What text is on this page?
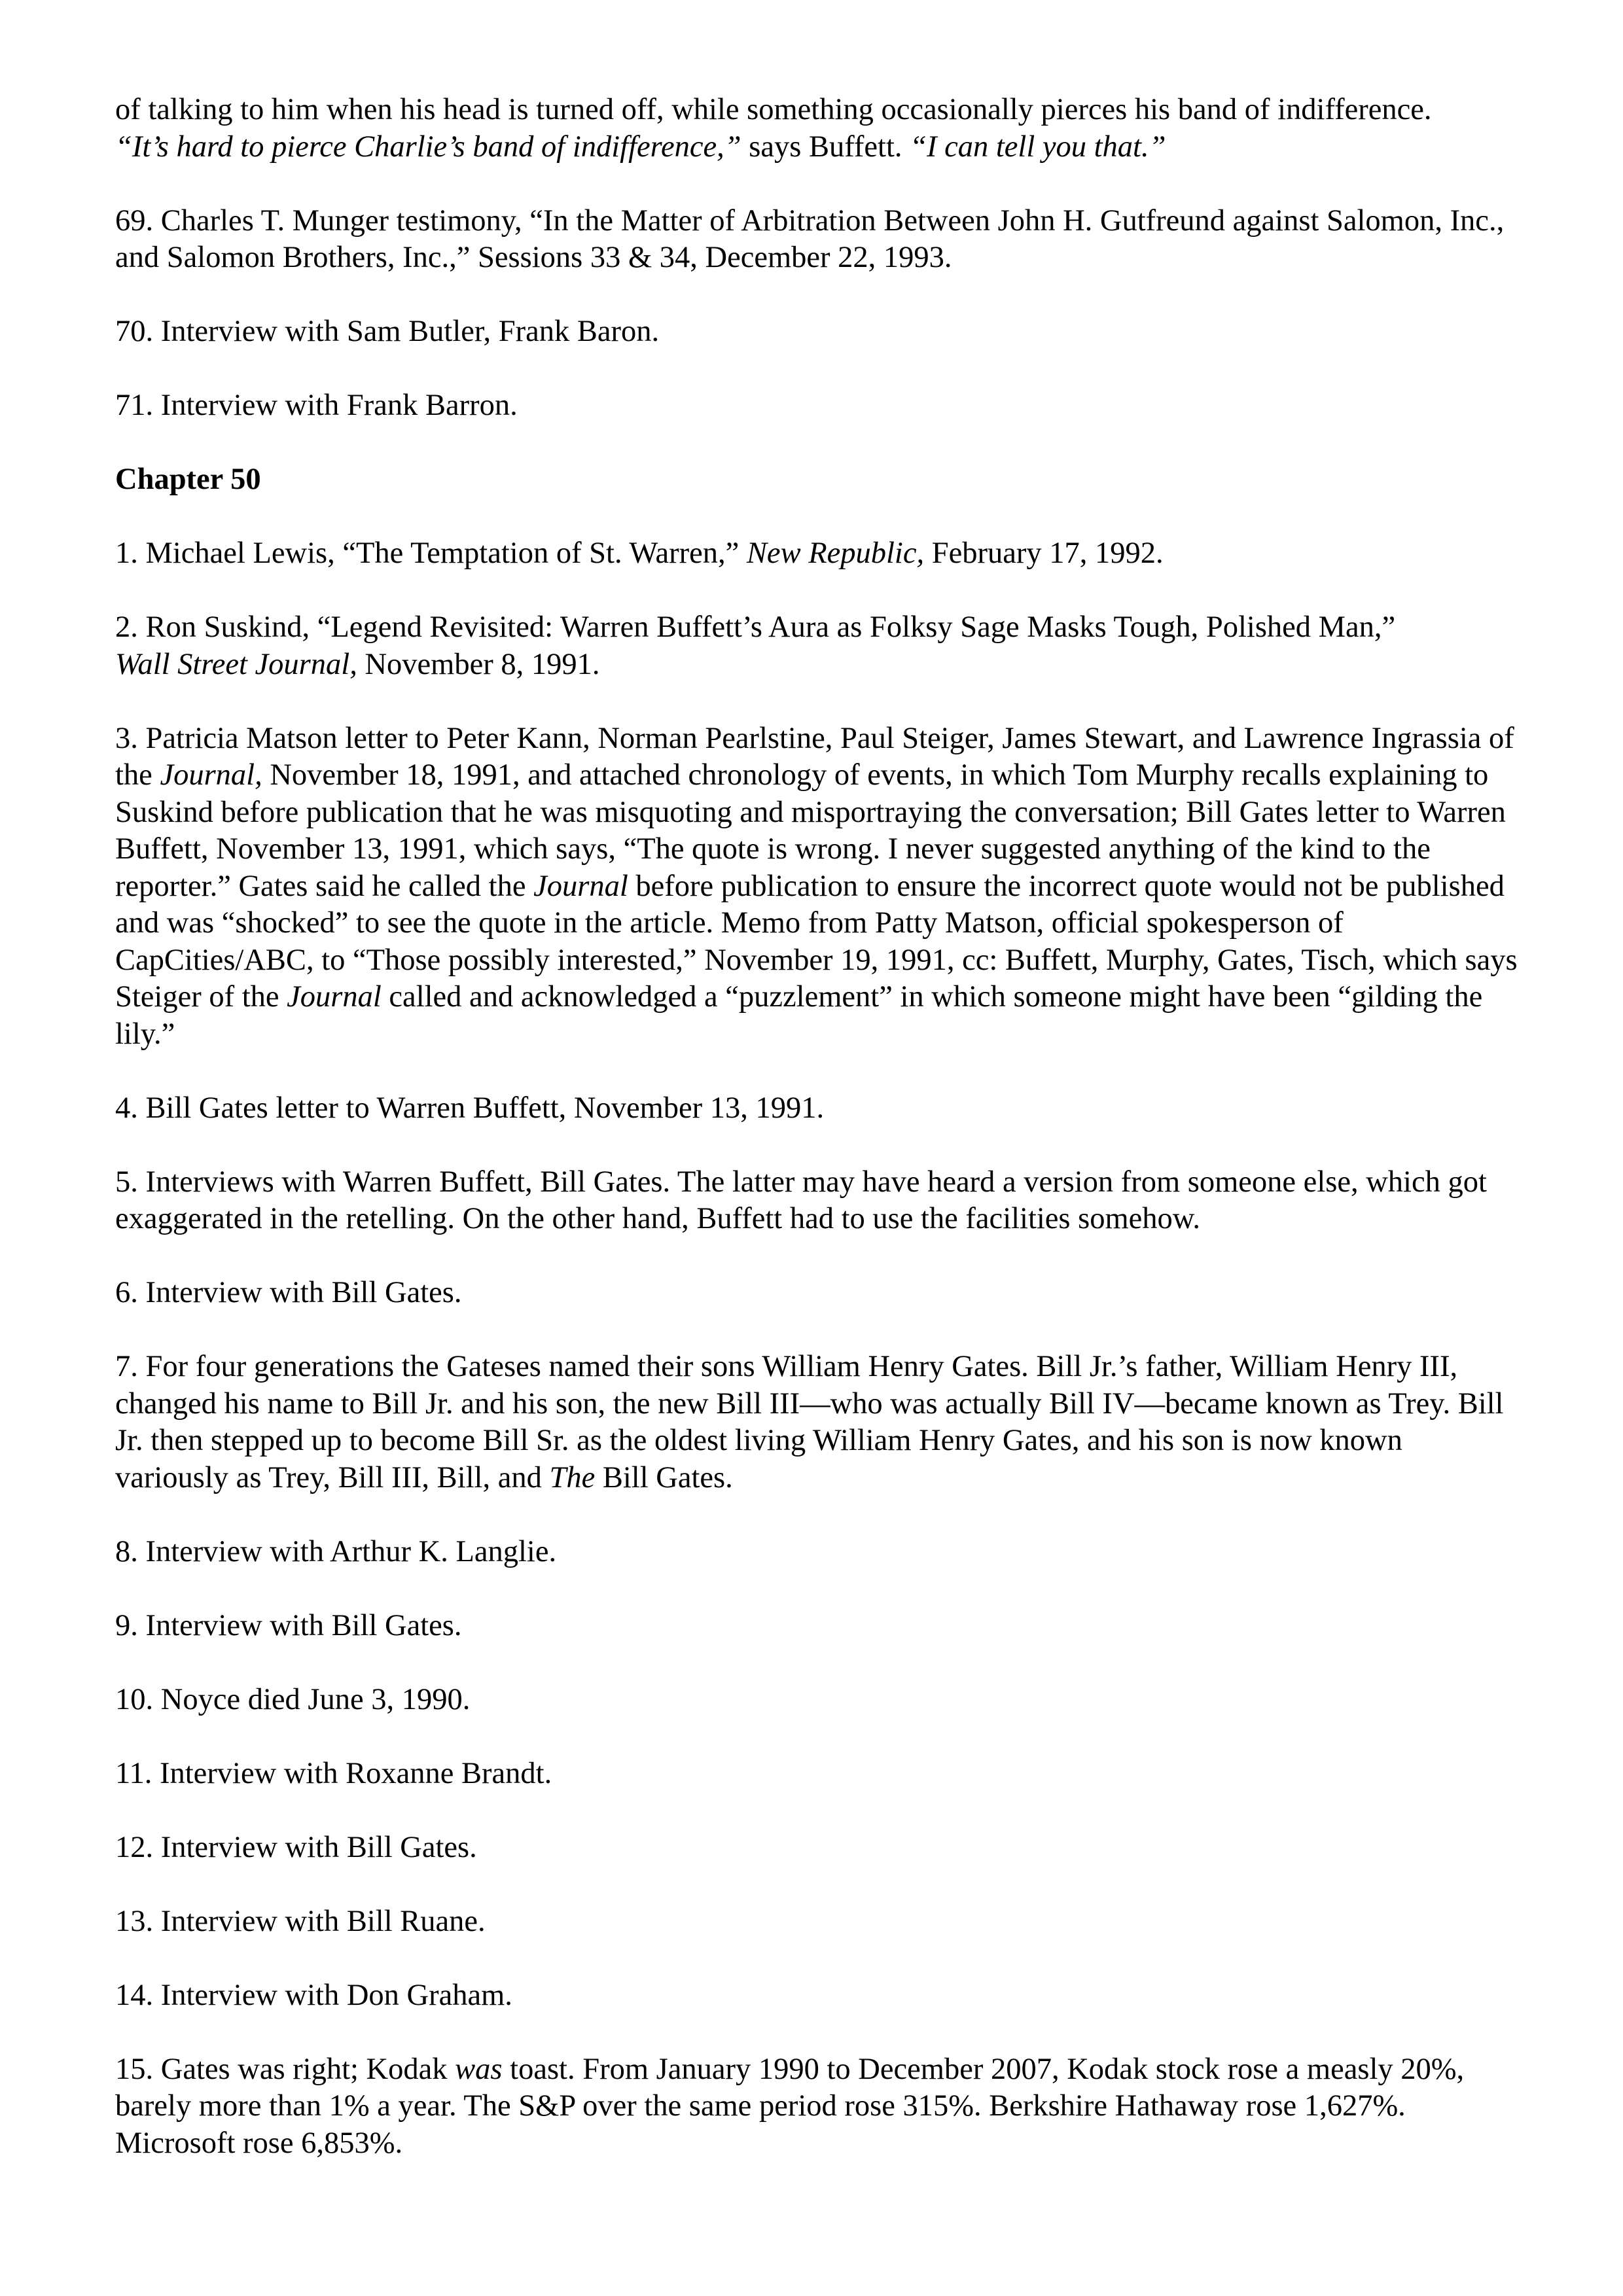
of talking to him when his head is turned off, while something occasionally pierces his band of indifference.
“It’s hard to pierce Charlie’s band of indifference,” says Buffett. “I can tell you that.”

69. Charles T. Munger testimony, “In the Matter of Arbitration Between John H. Gutfreund against Salomon, Inc., and Salomon Brothers, Inc.,” Sessions 33 & 34, December 22, 1993.

70. Interview with Sam Butler, Frank Baron.

71. Interview with Frank Barron.

Chapter 50

1. Michael Lewis, “The Temptation of St. Warren,” New Republic, February 17, 1992.

2. Ron Suskind, “Legend Revisited: Warren Buffett’s Aura as Folksy Sage Masks Tough, Polished Man,”
Wall Street Journal, November 8, 1991.

3. Patricia Matson letter to Peter Kann, Norman Pearlstine, Paul Steiger, James Stewart, and Lawrence Ingrassia of the Journal, November 18, 1991, and attached chronology of events, in which Tom Murphy recalls explaining to Suskind before publication that he was misquoting and misportraying the conversation; Bill Gates letter to Warren Buffett, November 13, 1991, which says, “The quote is wrong. I never suggested anything of the kind to the reporter.” Gates said he called the Journal before publication to ensure the incorrect quote would not be published and was “shocked” to see the quote in the article. Memo from Patty Matson, official spokesperson of CapCities/ABC, to “Those possibly interested,” November 19, 1991, cc: Buffett, Murphy, Gates, Tisch, which says Steiger of the Journal called and acknowledged a “puzzlement” in which someone might have been “gilding the lily.”

4. Bill Gates letter to Warren Buffett, November 13, 1991.

5. Interviews with Warren Buffett, Bill Gates. The latter may have heard a version from someone else, which got exaggerated in the retelling. On the other hand, Buffett had to use the facilities somehow.

6. Interview with Bill Gates.

7. For four generations the Gateses named their sons William Henry Gates. Bill Jr.’s father, William Henry III, changed his name to Bill Jr. and his son, the new Bill III—who was actually Bill IV—became known as Trey. Bill Jr. then stepped up to become Bill Sr. as the oldest living William Henry Gates, and his son is now known variously as Trey, Bill III, Bill, and The Bill Gates.

8. Interview with Arthur K. Langlie.

9. Interview with Bill Gates.

10. Noyce died June 3, 1990.

11. Interview with Roxanne Brandt.

12. Interview with Bill Gates.

13. Interview with Bill Ruane.

14. Interview with Don Graham.

15. Gates was right; Kodak was toast. From January 1990 to December 2007, Kodak stock rose a measly 20%, barely more than 1% a year. The S&P over the same period rose 315%. Berkshire Hathaway rose 1,627%. Microsoft rose 6,853%.
